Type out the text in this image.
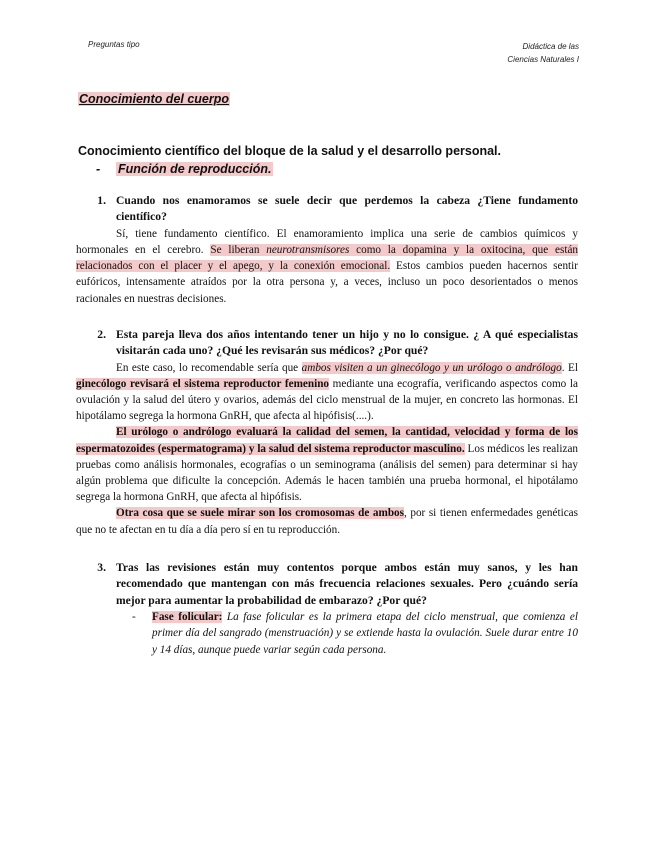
Preguntas tipo	Didáctica de las
Ciencias Naturales I
Conocimiento del cuerpo
Conocimiento científico del bloque de la salud y el desarrollo personal.
- Función de reproducción.
1. Cuando nos enamoramos se suele decir que perdemos la cabeza ¿Tiene fundamento científico?

Sí, tiene fundamento científico. El enamoramiento implica una serie de cambios químicos y hormonales en el cerebro. Se liberan neurotransmisores como la dopamina y la oxitocina, que están relacionados con el placer y el apego, y la conexión emocional. Estos cambios pueden hacernos sentir eufóricos, intensamente atraídos por la otra persona y, a veces, incluso un poco desorientados o menos racionales en nuestras decisiones.

2. Esta pareja lleva dos años intentando tener un hijo y no lo consigue. ¿ A qué especialistas visitarán cada uno? ¿Qué les revisarán sus médicos? ¿Por qué?

En este caso, lo recomendable sería que ambos visiten a un ginecólogo y un urólogo o andrólogo. El ginecólogo revisará el sistema reproductor femenino mediante una ecografía, verificando aspectos como la ovulación y la salud del útero y ovarios, además del ciclo menstrual de la mujer, en concreto las hormonas. El hipotálamo segrega la hormona GnRH, que afecta al hipófisis(....).

El urólogo o andrólogo evaluará la calidad del semen, la cantidad, velocidad y forma de los espermatozoides (espermatograma) y la salud del sistema reproductor masculino. Los médicos les realizan pruebas como análisis hormonales, ecografías o un seminograma (análisis del semen) para determinar si hay algún problema que dificulte la concepción. Además le hacen también una prueba hormonal, el hipotálamo segrega la hormona GnRH, que afecta al hipófisis.

Otra cosa que se suele mirar son los cromosomas de ambos, por si tienen enfermedades genéticas que no te afectan en tu día a día pero sí en tu reproducción.

3. Tras las revisiones están muy contentos porque ambos están muy sanos, y les han recomendado que mantengan con más frecuencia relaciones sexuales. Pero ¿cuándo sería mejor para aumentar la probabilidad de embarazo? ¿Por qué?
-	Fase folicular: La fase folicular es la primera etapa del ciclo menstrual, que comienza el primer día del sangrado (menstruación) y se extiende hasta la ovulación. Suele durar entre 10 y 14 días, aunque puede variar según cada persona.
